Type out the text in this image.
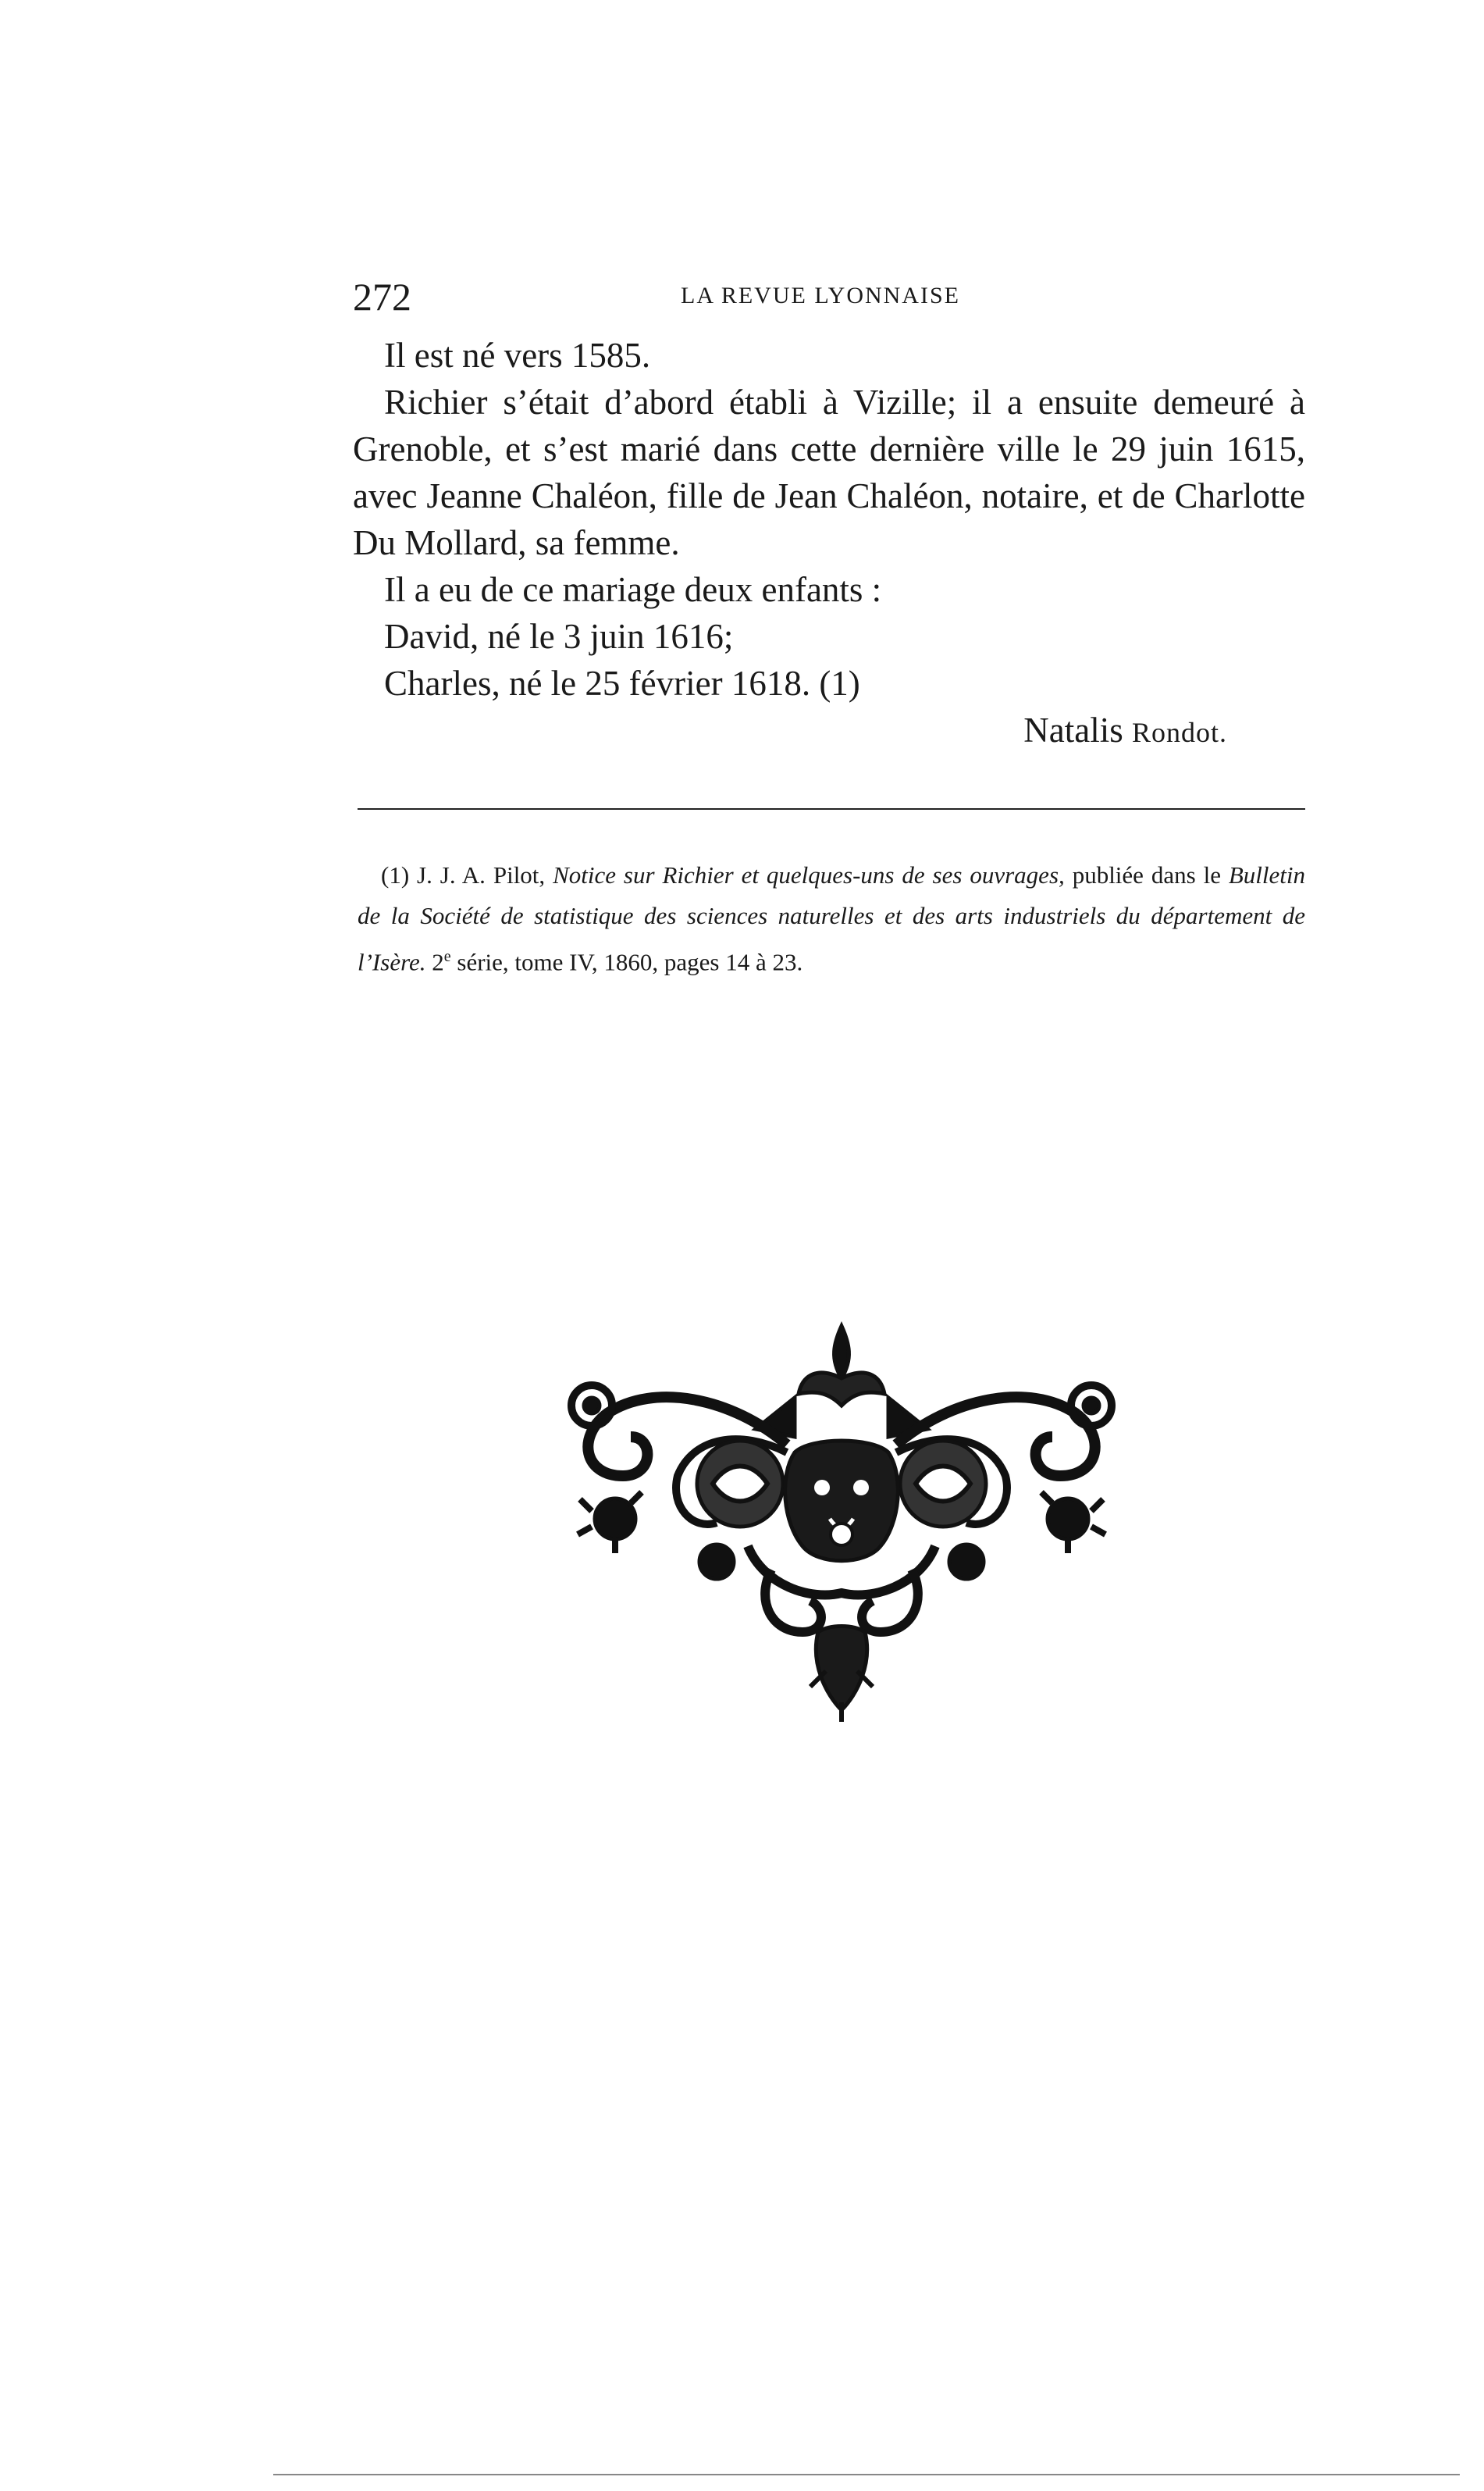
272	LA REVUE LYONNAISE

Il est né vers 1585.

Richier s’était d’abord établi à Vizille; il a ensuite demeuré à Grenoble, et s’est marié dans cette dernière ville le 29 juin 1615, avec Jeanne Chaléon, fille de Jean Chaléon, notaire, et de Charlotte Du Mollard, sa femme.

Il a eu de ce mariage deux enfants :

David, né le 3 juin 1616;

Charles, né le 25 février 1618. (1)

Natalis Rondot.

(1) J. J. A. Pilot, Notice sur Richier et quelques-uns de ses ouvrages, publiée dans le Bulletin de la Société de statistique des sciences naturelles et des arts industriels du département de l’Isère. 2e série, tome IV, 1860, pages 14 à 23.
